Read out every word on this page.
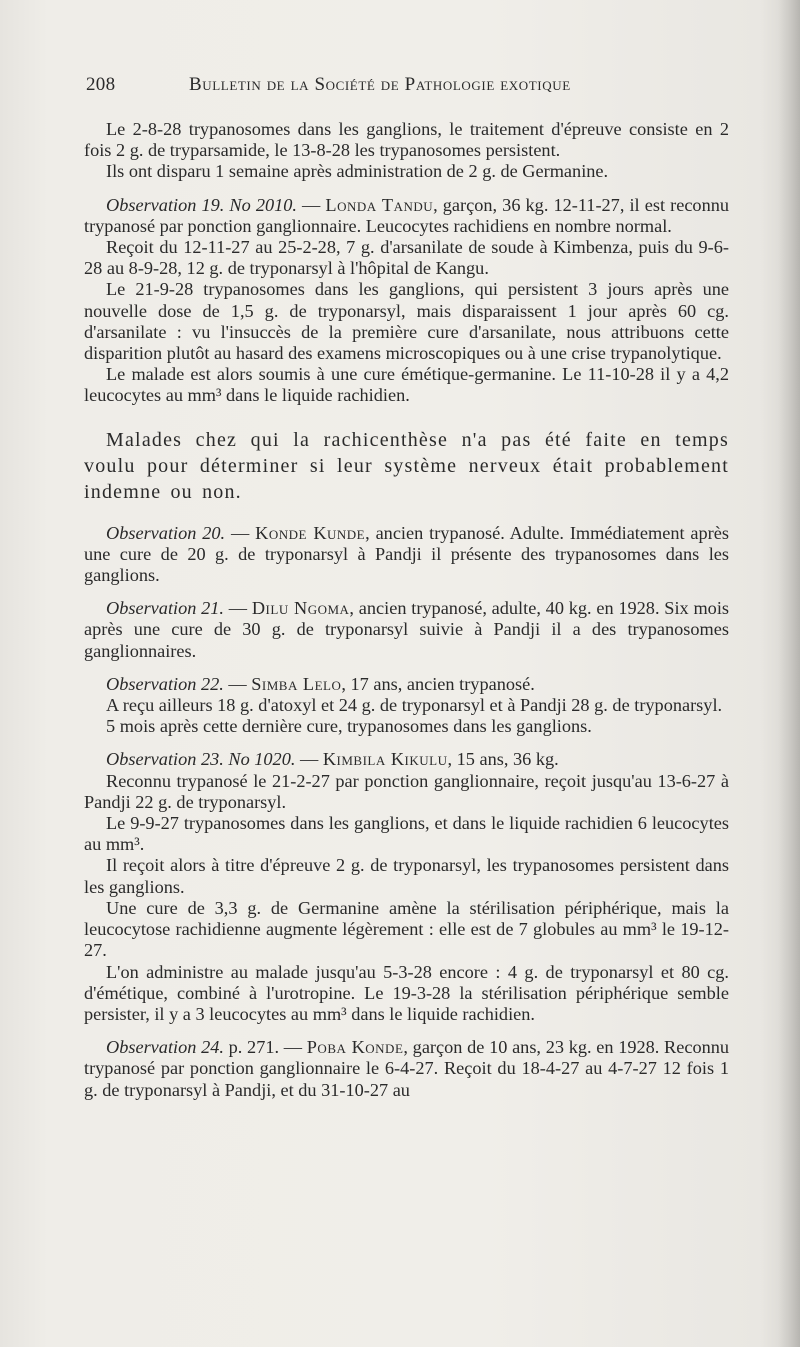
208	Bulletin de la Société de Pathologie exotique

Le 2-8-28 trypanosomes dans les ganglions, le traitement d'épreuve consiste en 2 fois 2 g. de tryparsamide, le 13-8-28 les trypanosomes persistent.

Ils ont disparu 1 semaine après administration de 2 g. de Germanine.

Observation 19. No 2010. — Londa Tandu, garçon, 36 kg. 12-11-27, il est reconnu trypanosé par ponction ganglionnaire. Leucocytes rachidiens en nombre normal.

Reçoit du 12-11-27 au 25-2-28, 7 g. d'arsanilate de soude à Kimbenza, puis du 9-6-28 au 8-9-28, 12 g. de tryponarsyl à l'hôpital de Kangu.

Le 21-9-28 trypanosomes dans les ganglions, qui persistent 3 jours après une nouvelle dose de 1,5 g. de tryponarsyl, mais disparaissent 1 jour après 60 cg. d'arsanilate : vu l'insuccès de la première cure d'arsanilate, nous attribuons cette disparition plutôt au hasard des examens microscopiques ou à une crise trypanolytique.

Le malade est alors soumis à une cure émétique-germanine. Le 11-10-28 il y a 4,2 leucocytes au mm³ dans le liquide rachidien.

Malades chez qui la rachicenthèse n'a pas été faite en temps voulu pour déterminer si leur système nerveux était probablement indemne ou non.

Observation 20. — Konde Kunde, ancien trypanosé. Adulte. Immédiatement après une cure de 20 g. de tryponarsyl à Pandji il présente des trypanosomes dans les ganglions.

Observation 21. — Dilu Ngoma, ancien trypanosé, adulte, 40 kg. en 1928. Six mois après une cure de 30 g. de tryponarsyl suivie à Pandji il a des trypanosomes ganglionnaires.

Observation 22. — Simba Lelo, 17 ans, ancien trypanosé.

A reçu ailleurs 18 g. d'atoxyl et 24 g. de tryponarsyl et à Pandji 28 g. de tryponarsyl.

5 mois après cette dernière cure, trypanosomes dans les ganglions.

Observation 23. No 1020. — Kimbila Kikulu, 15 ans, 36 kg.

Reconnu trypanosé le 21-2-27 par ponction ganglionnaire, reçoit jusqu'au 13-6-27 à Pandji 22 g. de tryponarsyl.

Le 9-9-27 trypanosomes dans les ganglions, et dans le liquide rachidien 6 leucocytes au mm³.

Il reçoit alors à titre d'épreuve 2 g. de tryponarsyl, les trypanosomes persistent dans les ganglions.

Une cure de 3,3 g. de Germanine amène la stérilisation périphérique, mais la leucocytose rachidienne augmente légèrement : elle est de 7 globules au mm³ le 19-12-27.

L'on administre au malade jusqu'au 5-3-28 encore : 4 g. de tryponarsyl et 80 cg. d'émétique, combiné à l'urotropine. Le 19-3-28 la stérilisation périphérique semble persister, il y a 3 leucocytes au mm³ dans le liquide rachidien.

Observation 24. p. 271. — Poba Konde, garçon de 10 ans, 23 kg. en 1928. Reconnu trypanosé par ponction ganglionnaire le 6-4-27. Reçoit du 18-4-27 au 4-7-27 12 fois 1 g. de tryponarsyl à Pandji, et du 31-10-27 au
